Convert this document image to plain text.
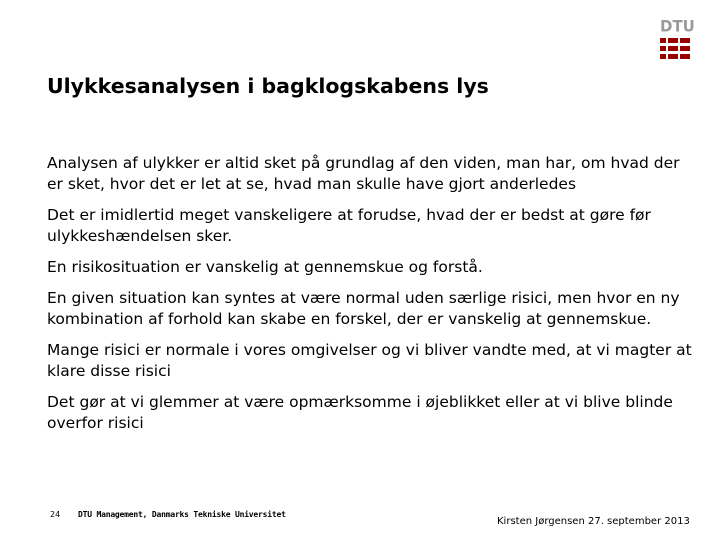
DTU
Ulykkesanalysen i bagklogskabens lys

Analysen af ulykker er altid sket på grundlag af den viden, man har, om hvad der er sket, hvor det er let at se, hvad man skulle have gjort anderledes

Det er imidlertid meget vanskeligere at forudse, hvad der er bedst at gøre før ulykkeshændelsen sker.

En risikosituation er vanskelig at gennemskue og forstå.

En given situation kan syntes at være normal uden særlige risici, men hvor en ny kombination af forhold kan skabe en forskel, der er vanskelig at gennemskue.

Mange risici er normale i vores omgivelser og vi bliver vandte med, at vi magter at klare disse risici

Det gør at vi glemmer at være opmærksomme i øjeblikket eller at vi blive blinde overfor risici

24 DTU Management, Danmarks Tekniske Universitet
Kirsten Jørgensen 27. september 2013
